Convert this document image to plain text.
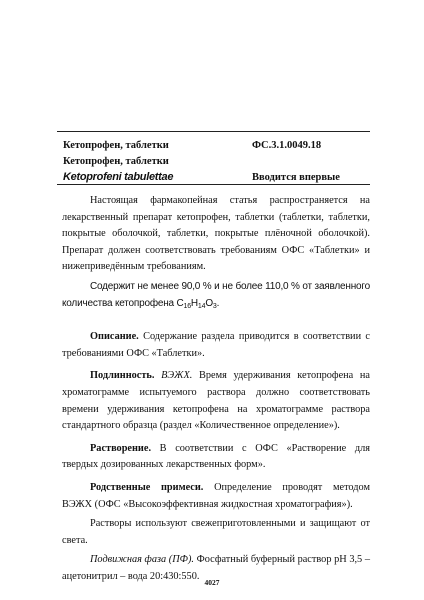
Кетопрофен, таблетки	ФС.3.1.0049.18
Кетопрофен, таблетки
Ketoprofeni tabulettae	Вводится впервые

Настоящая фармакопейная статья распространяется на лекарственный препарат кетопрофен, таблетки (таблетки, таблетки, покрытые оболочкой, таблетки, покрытые плёночной оболочкой). Препарат должен соответствовать требованиям ОФС «Таблетки» и нижеприведённым требованиям.

Содержит не менее 90,0 % и не более 110,0 % от заявленного количества кетопрофена $C_{16}H_{14}O_3$.

Описание. Содержание раздела приводится в соответствии с требованиями ОФС «Таблетки».

Подлинность. ВЭЖХ. Время удерживания кетопрофена на хроматограмме испытуемого раствора должно соответствовать времени удерживания кетопрофена на хроматограмме раствора стандартного образца (раздел «Количественное определение»).

Растворение. В соответствии с ОФС «Растворение для твердых дозированных лекарственных форм».

Родственные примеси. Определение проводят методом ВЭЖХ (ОФС «Высокоэффективная жидкостная хроматография»).

Растворы используют свежеприготовленными и защищают от света.

Подвижная фаза (ПФ). Фосфатный буферный раствор pH 3,5 – ацетонитрил – вода 20:430:550.

4027
